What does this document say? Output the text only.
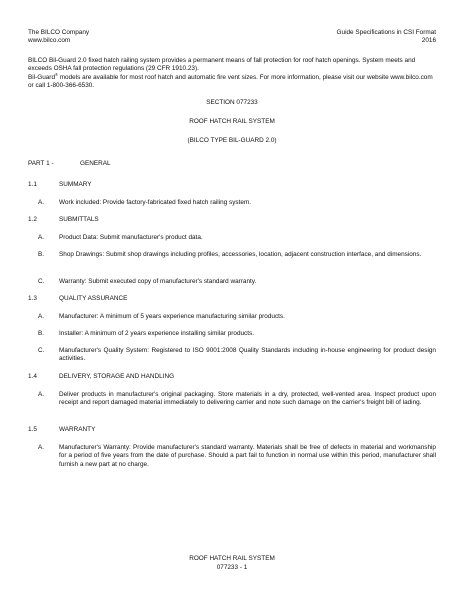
The BILCO Company
www.bilco.com
Guide Specifications in CSI Format
2016

BILCO Bil-Guard 2.0 fixed hatch railing system provides a permanent means of fall protection for roof hatch openings. System meets and exceeds OSHA fall protection regulations (29 CFR 1910.23).

Bil-Guard® models are available for most roof hatch and automatic fire vent sizes. For more information, please visit our website www.bilco.com or call 1-800-366-6530.

SECTION 077233
ROOF HATCH RAIL SYSTEM
(BILCO TYPE BIL-GUARD 2.0)
PART 1 -	GENERAL
1.1	SUMMARY
A. Work included: Provide factory-fabricated fixed hatch railing system.
1.2	SUBMITTALS
A. Product Data: Submit manufacturer's product data.
B. Shop Drawings: Submit shop drawings including profiles, accessories, location, adjacent construction interface, and dimensions.
C. Warranty: Submit executed copy of manufacturer's standard warranty.
1.3	QUALITY ASSURANCE
A. Manufacturer: A minimum of 5 years experience manufacturing similar products.
B. Installer: A minimum of 2 years experience installing similar products.
C. Manufacturer's Quality System: Registered to ISO 9001:2008 Quality Standards including in-house engineering for product design activities.
1.4	DELIVERY, STORAGE AND HANDLING
A. Deliver products in manufacturer's original packaging. Store materials in a dry, protected, well-vented area. Inspect product upon receipt and report damaged material immediately to delivering carrier and note such damage on the carrier's freight bill of lading.
1.5	WARRANTY
A. Manufacturer's Warranty: Provide manufacturer's standard warranty. Materials shall be free of defects in material and workmanship for a period of five years from the date of purchase. Should a part fail to function in normal use within this period, manufacturer shall furnish a new part at no charge.
ROOF HATCH RAIL SYSTEM
077233 - 1
